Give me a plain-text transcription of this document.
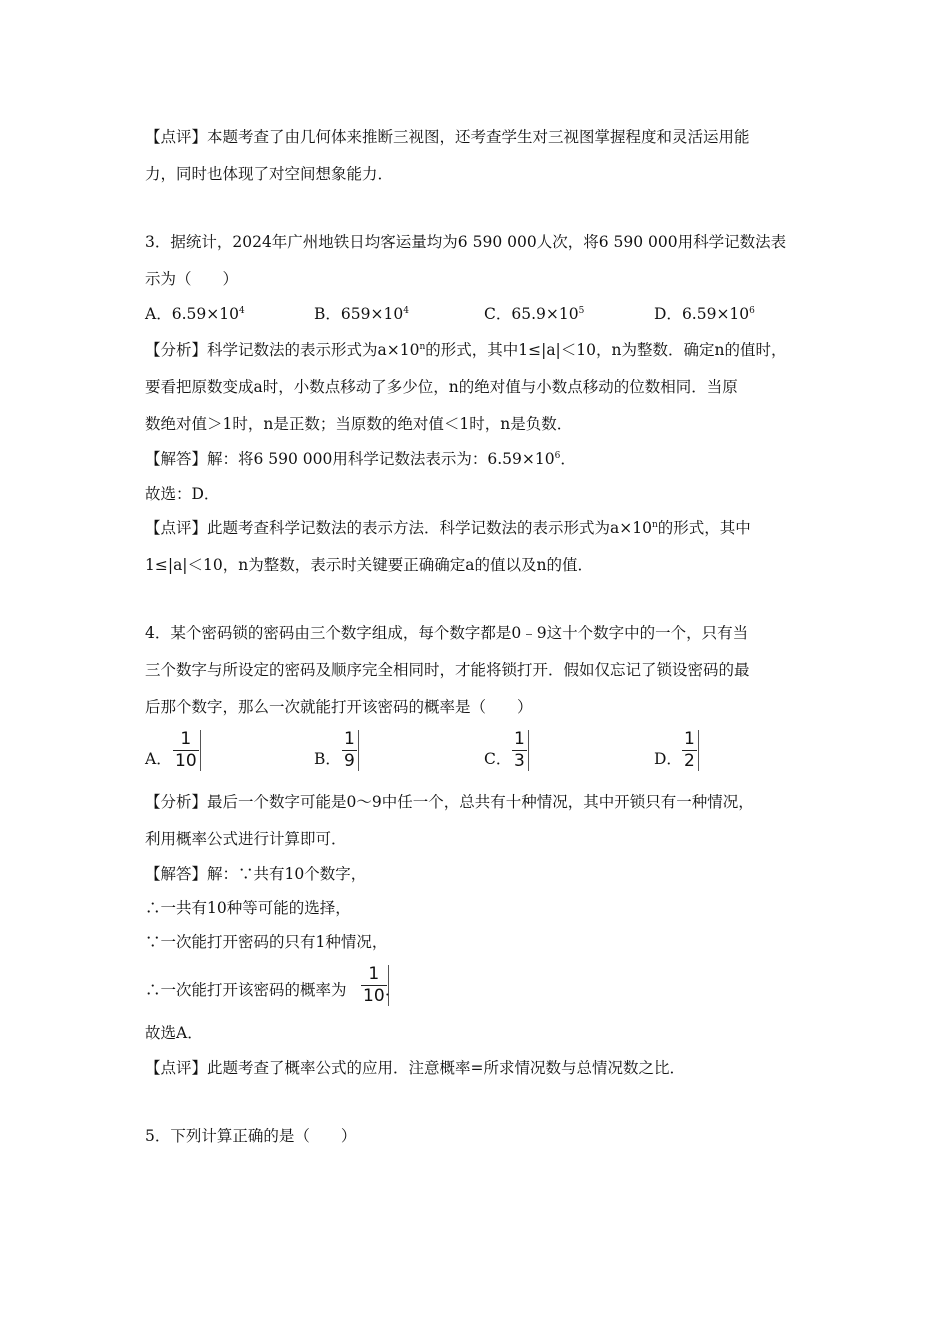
【点评】本题考查了由几何体来推断三视图，还考查学生对三视图掌握程度和灵活运用能
力，同时也体现了对空间想象能力．
3．据统计，2024年广州地铁日均客运量均为6 590 000人次，将6 590 000用科学记数法表
示为（　　）
A．$6.59\times 10^4$	B．$659\times 10^4$	C．$65.9\times 10^5$	D．$6.59\times 10^6$
【分析】科学记数法的表示形式为$a\times 10^n$的形式，其中1≤|a|＜10，n为整数．确定n的值时，
要看把原数变成a时，小数点移动了多少位，n的绝对值与小数点移动的位数相同．当原
数绝对值＞1时，n是正数；当原数的绝对值＜1时，n是负数．
【解答】解：将6 590 000用科学记数法表示为：$6.59\times 10^6$．
故选：D．
【点评】此题考查科学记数法的表示方法．科学记数法的表示形式为$a\times 10^n$的形式，其中
1≤|a|＜10，n为整数，表示时关键要正确确定a的值以及n的值．
4．某个密码锁的密码由三个数字组成，每个数字都是0﹣9这十个数字中的一个，只有当
三个数字与所设定的密码及顺序完全相同时，才能将锁打开．假如仅忘记了锁设密码的最
后那个数字，那么一次就能打开该密码的概率是（　　）
A．
1
10	B．
1
9	C．
1
3	D．
1
2
【分析】最后一个数字可能是0～9中任一个，总共有十种情况，其中开锁只有一种情况，
利用概率公式进行计算即可．
【解答】解：∵共有10个数字，
∴一共有10种等可能的选择，
∵一次能打开密码的只有1种情况，
∴一次能打开该密码的概率为
1
10 ．
故选A．
【点评】此题考查了概率公式的应用．注意概率=所求情况数与总情况数之比．
5．下列计算正确的是（　　）
